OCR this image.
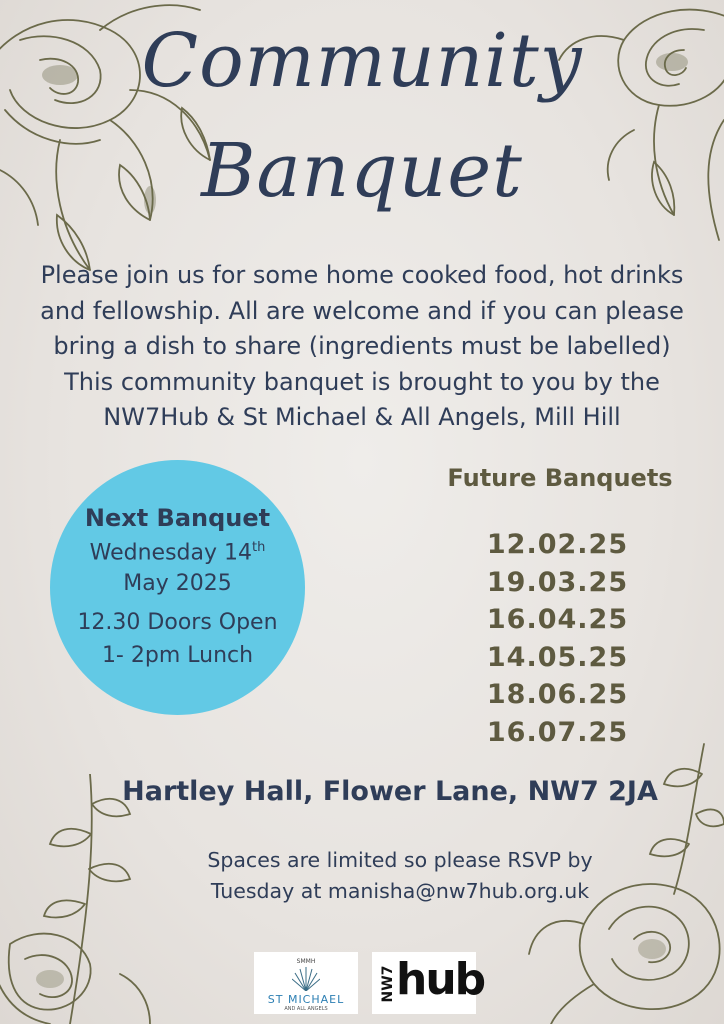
Community
Banquet
Please join us for some home cooked food, hot drinks
and fellowship. All are welcome and if you can please
bring a dish to share (ingredients must be labelled)
This community banquet is brought to you by the
NW7Hub & St Michael & All Angels, Mill Hill
Next Banquet
Wednesday 14th
May 2025
12.30 Doors Open
1- 2pm Lunch
Future Banquets
12.02.25
19.03.25
16.04.25
14.05.25
18.06.25
16.07.25
Hartley Hall, Flower Lane, NW7 2JA
Spaces are limited so please RSVP by
Tuesday at manisha@nw7hub.org.uk
SMMH
ST MICHAEL
AND ALL ANGELS
NW7 hub
